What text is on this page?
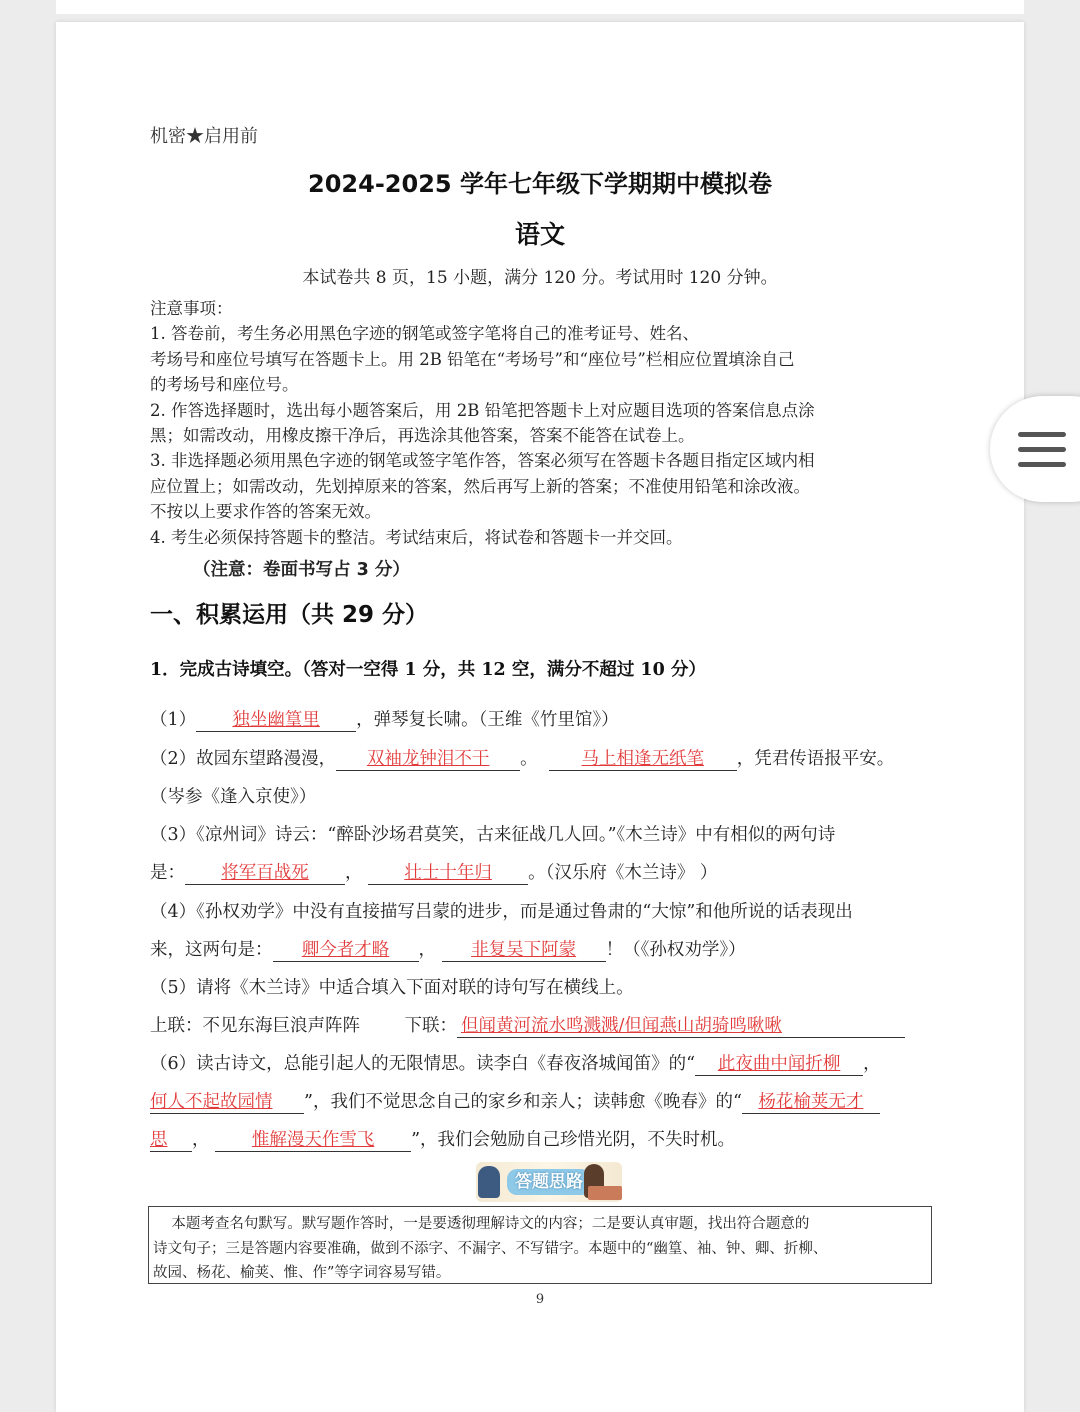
机密★启用前
2024-2025 学年七年级下学期期中模拟卷
语文
本试卷共 8 页，15 小题，满分 120 分。考试用时 120 分钟。
注意事项：
1. 答卷前，考生务必用黑色字迹的钢笔或签字笔将自己的准考证号、姓名、
考场号和座位号填写在答题卡上。用 2B 铅笔在“考场号”和“座位号”栏相应位置填涂自己
的考场号和座位号。
2. 作答选择题时，选出每小题答案后，用 2B 铅笔把答题卡上对应题目选项的答案信息点涂
黑；如需改动，用橡皮擦干净后，再选涂其他答案，答案不能答在试卷上。
3. 非选择题必须用黑色字迹的钢笔或签字笔作答，答案必须写在答题卡各题目指定区域内相
应位置上；如需改动，先划掉原来的答案，然后再写上新的答案；不准使用铅笔和涂改液。
不按以上要求作答的答案无效。
4. 考生必须保持答题卡的整洁。考试结束后，将试卷和答题卡一并交回。
（注意：卷面书写占 3 分）
一、积累运用（共 29 分）
1．完成古诗填空。（答对一空得 1 分，共 12 空，满分不超过 10 分）
（1） 独坐幽篁里 ，弹琴复长啸。（王维《竹里馆》）
（2）故园东望路漫漫， 双袖龙钟泪不干 。	马上相逢无纸笔 ，凭君传语报平安。
（岑参《逢入京使》）
（3）《凉州词》诗云：“醉卧沙场君莫笑，古来征战几人回。”《木兰诗》中有相似的两句诗
是： 将军百战死 ， 壮士十年归 。（汉乐府《木兰诗》 ）
（4）《孙权劝学》中没有直接描写吕蒙的进步，而是通过鲁肃的“大惊”和他所说的话表现出
来，这两句是： 卿今者才略 ， 非复吴下阿蒙 ！（《孙权劝学》）
（5）请将《木兰诗》中适合填入下面对联的诗句写在横线上。
上联：不见东海巨浪声阵阵        下联： 但闻黄河流水鸣溅溅/但闻燕山胡骑鸣啾啾
（6）读古诗文，总能引起人的无限情思。读李白《春夜洛城闻笛》的“ 此夜曲中闻折柳 ，
何人不起故园情 ”，我们不觉思念自己的家乡和亲人；读韩愈《晚春》的“ 杨花榆荚无才
思 ， 惟解漫天作雪飞 ”，我们会勉励自己珍惜光阴，不失时机。
答题思路
本题考查名句默写。默写题作答时，一是要透彻理解诗文的内容；二是要认真审题，找出符合题意的
诗文句子；三是答题内容要准确，做到不添字、不漏字、不写错字。本题中的“幽篁、袖、钟、卿、折柳、
故园、杨花、榆荚、惟、作”等字词容易写错。
9
